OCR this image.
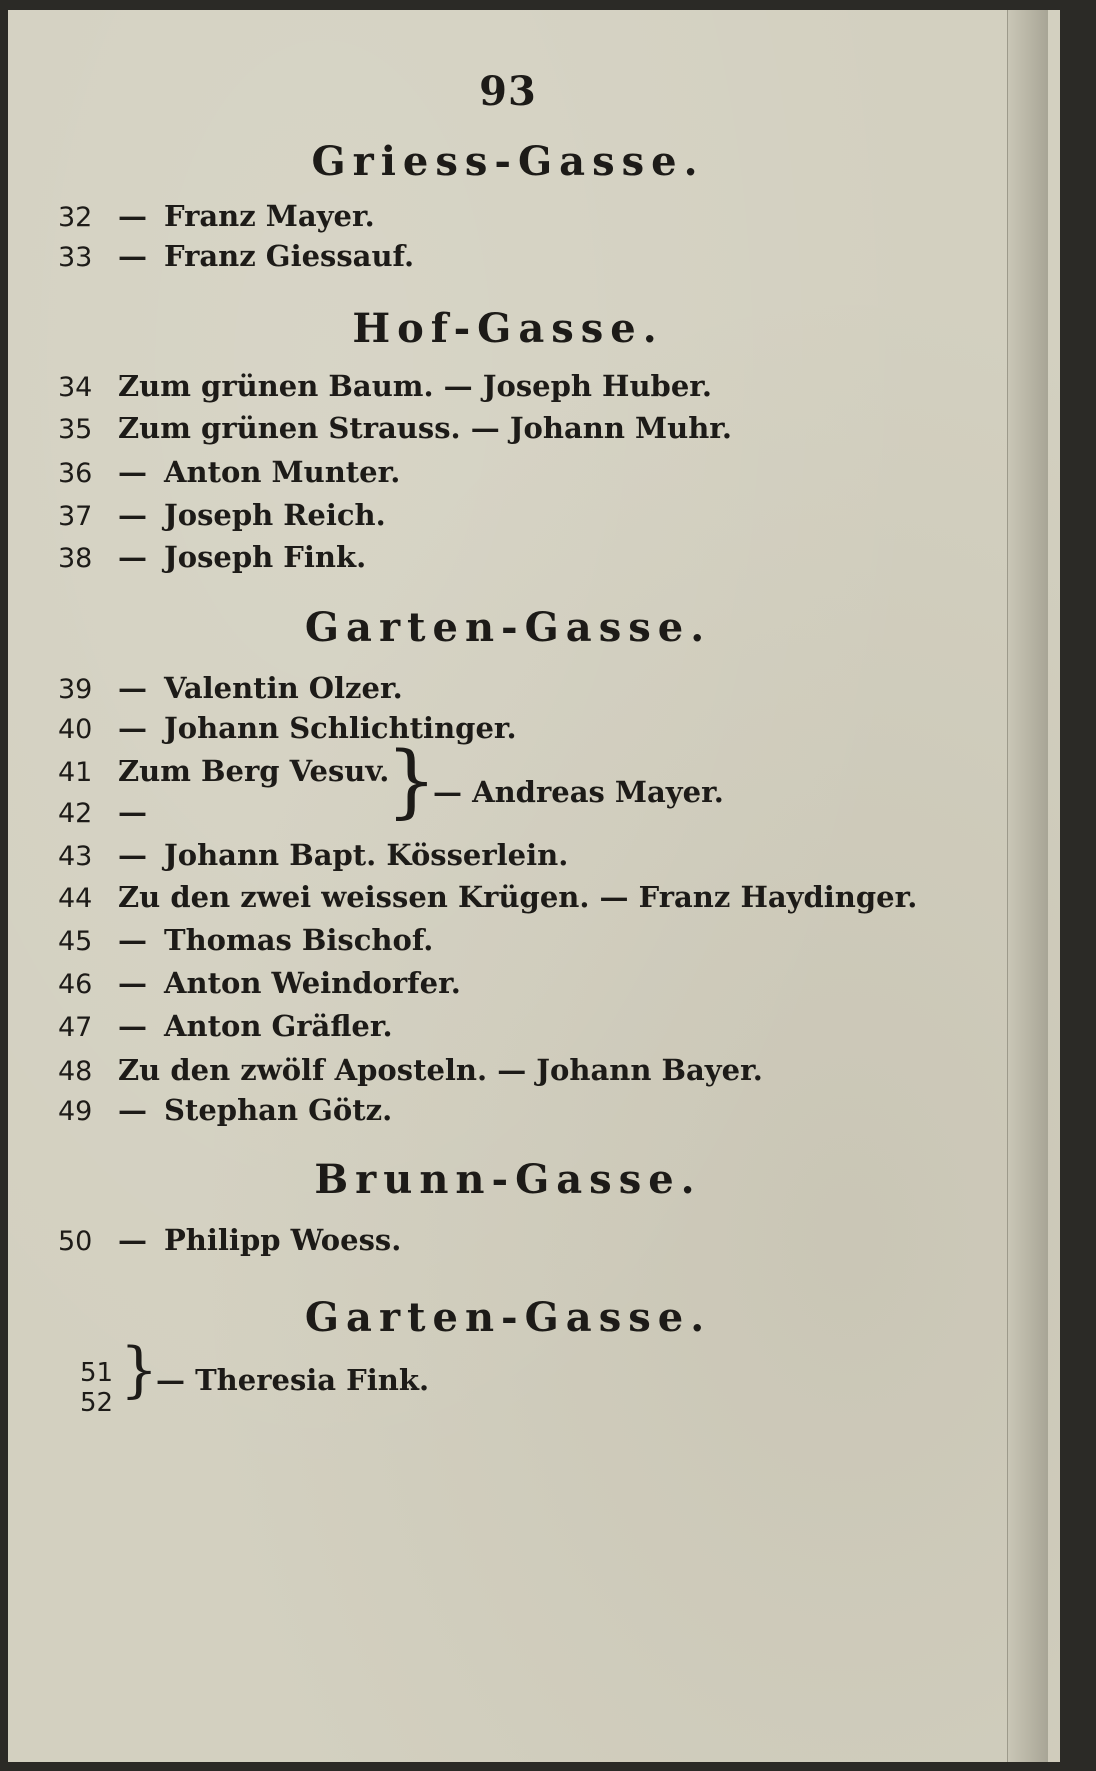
93
Griess-Gasse.
32 — Franz Mayer.
33 — Franz Giessauf.
Hof-Gasse.
34 Zum grünen Baum. — Joseph Huber.
35 Zum grünen Strauss. — Johann Muhr.
36 — Anton Munter.
37 — Joseph Reich.
38 — Joseph Fink.
Garten-Gasse.
39 — Valentin Olzer.
40 — Johann Schlichtinger.
41 Zum Berg Vesuv.
42 —	}
— Andreas Mayer.
43 — Johann Bapt. Kösserlein.
44 Zu den zwei weissen Krügen. — Franz Haydinger.
45 — Thomas Bischof.
46 — Anton Weindorfer.
47 — Anton Gräfler.
48 Zu den zwölf Aposteln. — Johann Bayer.
49 — Stephan Götz.
Brunn-Gasse.
50 — Philipp Woess.
Garten-Gasse.
51
52 }
— Theresia Fink.
